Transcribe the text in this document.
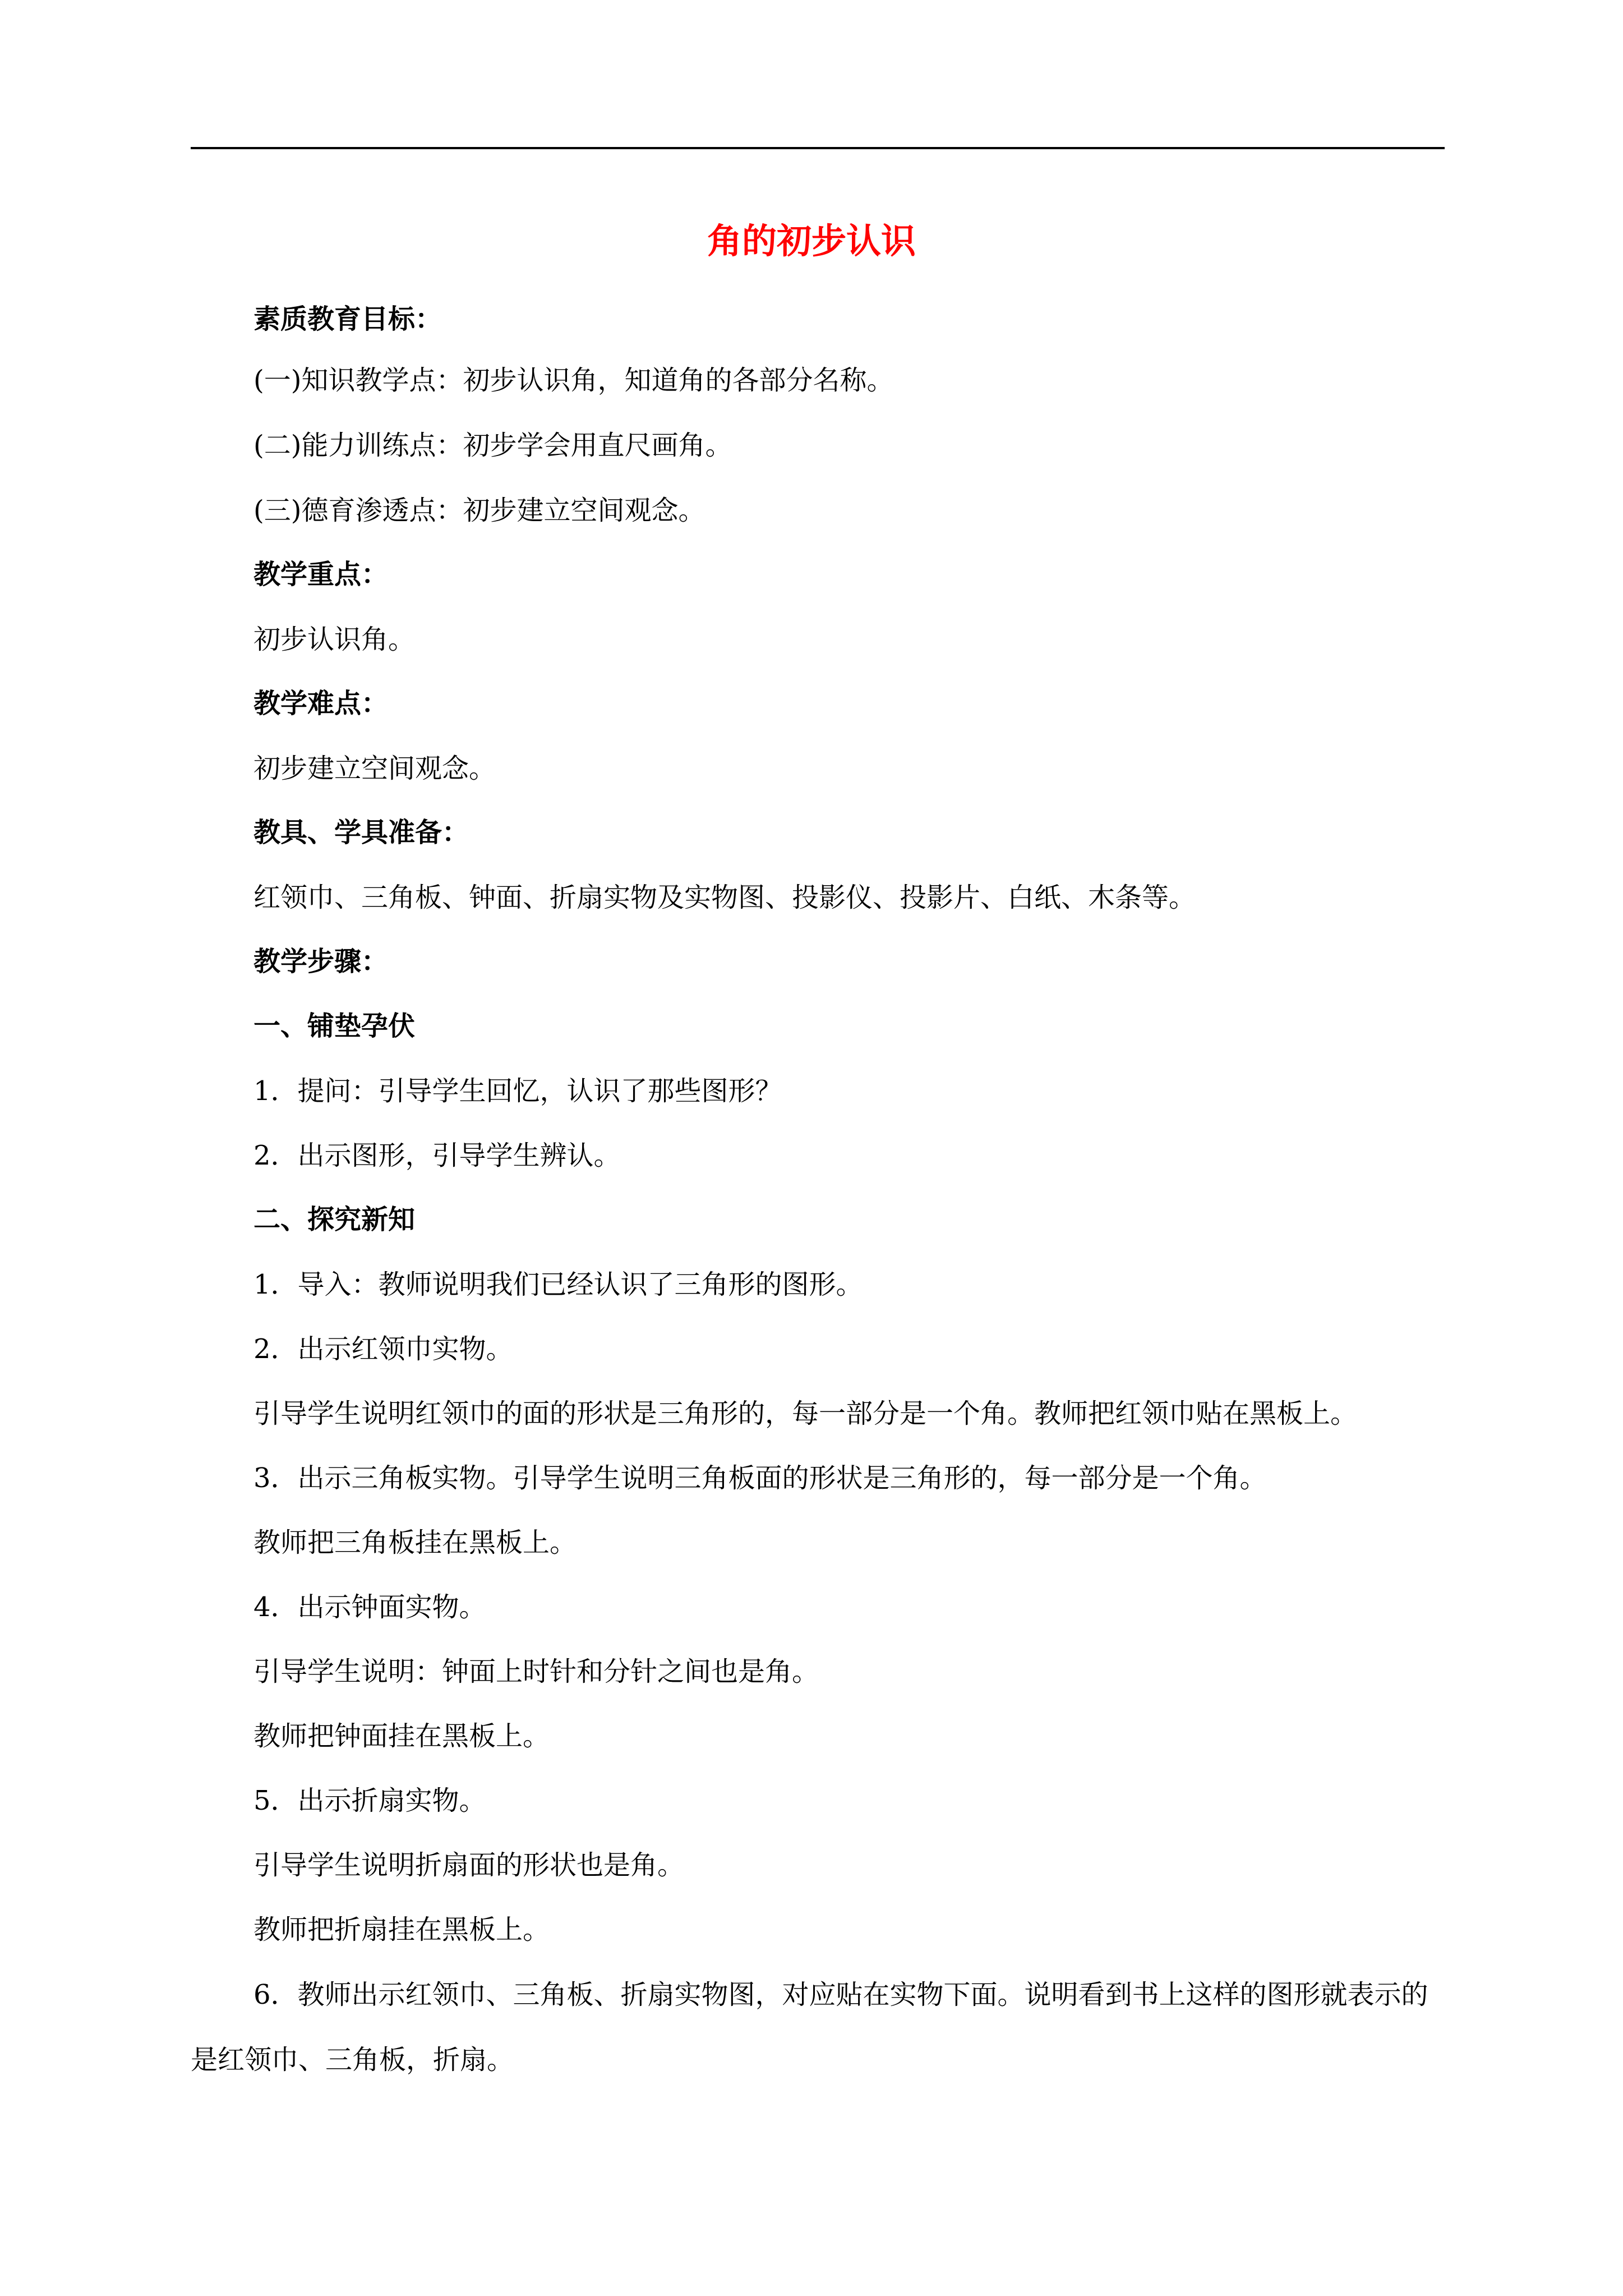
角的初步认识
素质教育目标：
(一)知识教学点：初步认识角，知道角的各部分名称。
(二)能力训练点：初步学会用直尺画角。
(三)德育渗透点：初步建立空间观念。
教学重点：
初步认识角。
教学难点：
初步建立空间观念。
教具、学具准备：
红领巾、三角板、钟面、折扇实物及实物图、投影仪、投影片、白纸、木条等。
教学步骤：
一、铺垫孕伏
1．提问：引导学生回忆，认识了那些图形？
2．出示图形，引导学生辨认。
二、探究新知
1．导入：教师说明我们已经认识了三角形的图形。
2．出示红领巾实物。
引导学生说明红领巾的面的形状是三角形的，每一部分是一个角。教师把红领巾贴在黑板上。
3．出示三角板实物。引导学生说明三角板面的形状是三角形的，每一部分是一个角。
教师把三角板挂在黑板上。
4．出示钟面实物。
引导学生说明：钟面上时针和分针之间也是角。
教师把钟面挂在黑板上。
5．出示折扇实物。
引导学生说明折扇面的形状也是角。
教师把折扇挂在黑板上。
6．教师出示红领巾、三角板、折扇实物图，对应贴在实物下面。说明看到书上这样的图形就表示的是红领巾、三角板，折扇。
